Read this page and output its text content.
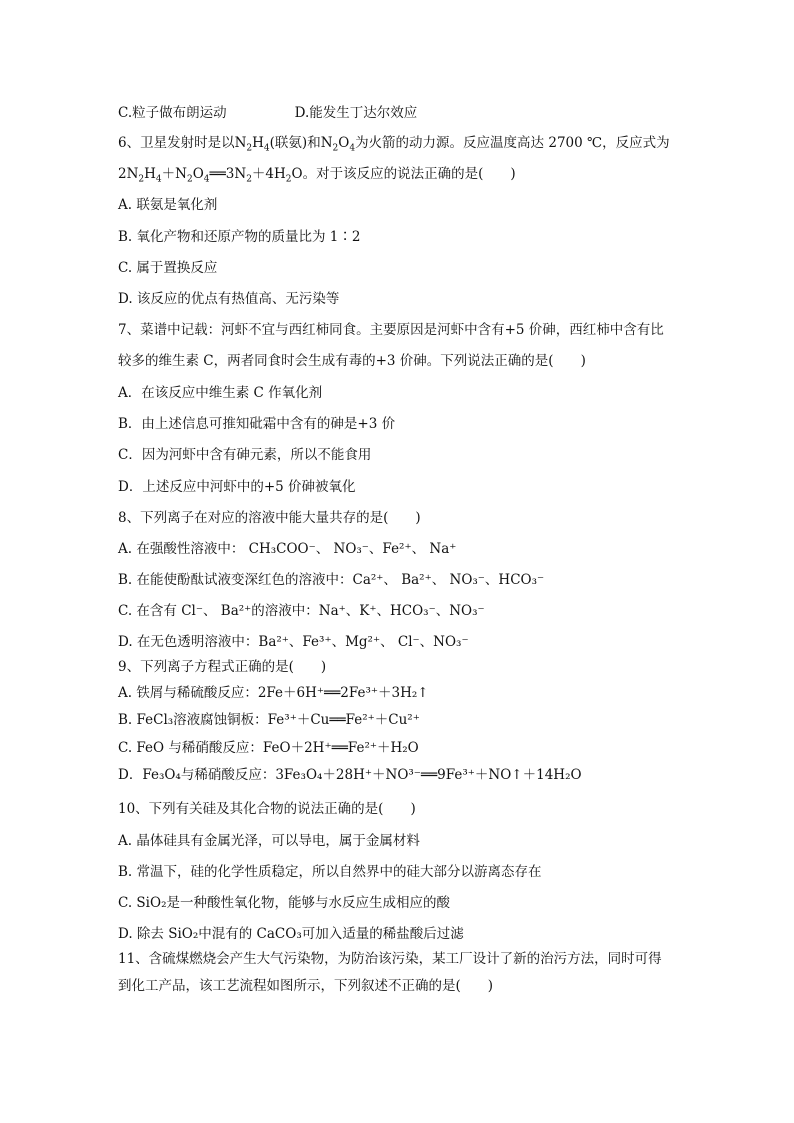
C.粒子做布朗运动	D.能发生丁达尔效应
6、卫星发射时是以$N_2H_4$(联氨)和$N_2O_4$为火箭的动力源。反应温度高达 2700 ℃，反应式为
$2N_2H_4+N_2O_4══3N_2+4H_2O$。对于该反应的说法正确的是(　　)
A. 联氨是氧化剂
B. 氧化产物和还原产物的质量比为 1∶2
C. 属于置换反应
D. 该反应的优点有热值高、无污染等
7、菜谱中记载：河虾不宜与西红柿同食。主要原因是河虾中含有+5 价砷，西红柿中含有比
较多的维生素 C，两者同食时会生成有毒的+3 价砷。下列说法正确的是(　　)
A．在该反应中维生素 C 作氧化剂
B．由上述信息可推知砒霜中含有的砷是+3 价
C．因为河虾中含有砷元素，所以不能食用
D．上述反应中河虾中的+5 价砷被氧化
8、下列离子在对应的溶液中能大量共存的是(　　)
A. 在强酸性溶液中： CH₃COO⁻、 NO₃⁻、Fe²⁺、 Na⁺
B. 在能使酚酞试液变深红色的溶液中：Ca²⁺、 Ba²⁺、 NO₃⁻、HCO₃⁻
C. 在含有 Cl⁻、 Ba²⁺的溶液中：Na⁺、K⁺、HCO₃⁻、NO₃⁻
D. 在无色透明溶液中：Ba²⁺、Fe³⁺、Mg²⁺、 Cl⁻、NO₃⁻
9、下列离子方程式正确的是(　　)
A. 铁屑与稀硫酸反应：2Fe＋6H⁺══2Fe³⁺＋3H₂↑
B. FeCl₃溶液腐蚀铜板：Fe³⁺＋Cu══Fe²⁺＋Cu²⁺
C. FeO 与稀硝酸反应：FeO＋2H⁺══Fe²⁺＋H₂O
D．Fe₃O₄与稀硝酸反应：3Fe₃O₄＋28H⁺＋NO³⁻══9Fe³⁺＋NO↑＋14H₂O
10、下列有关硅及其化合物的说法正确的是(　　)
A. 晶体硅具有金属光泽，可以导电，属于金属材料
B. 常温下，硅的化学性质稳定，所以自然界中的硅大部分以游离态存在
C. SiO₂是一种酸性氧化物，能够与水反应生成相应的酸
D. 除去 SiO₂中混有的 CaCO₃可加入适量的稀盐酸后过滤
11、含硫煤燃烧会产生大气污染物，为防治该污染，某工厂设计了新的治污方法，同时可得
到化工产品，该工艺流程如图所示，下列叙述不正确的是(　　)
